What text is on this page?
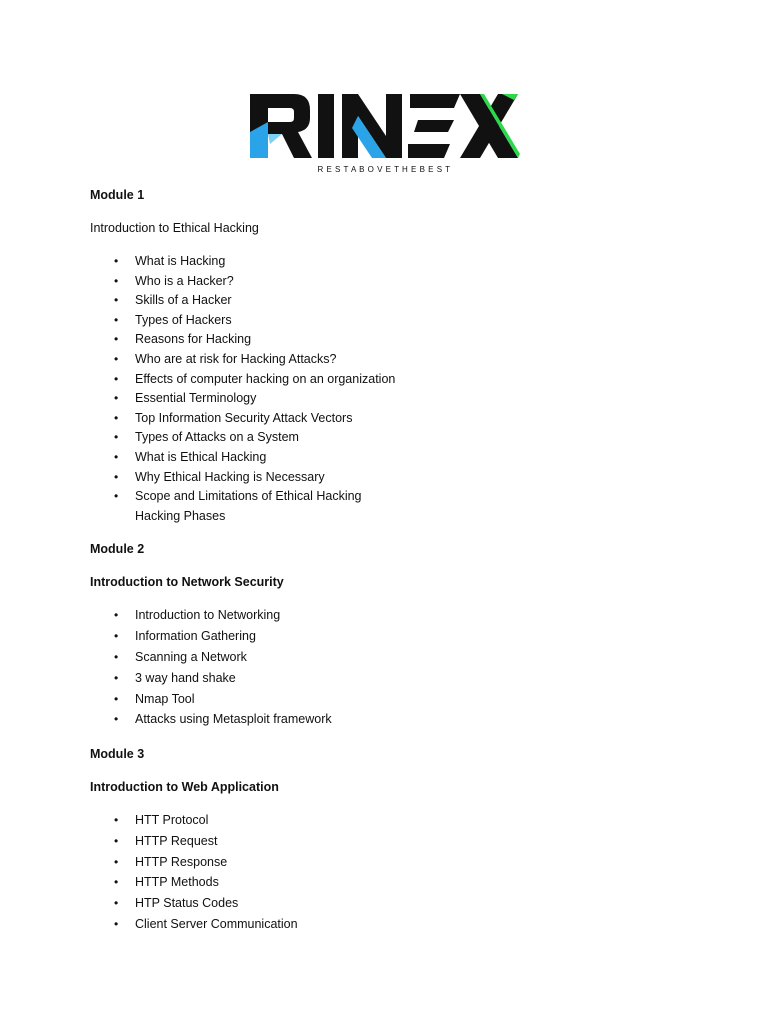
R E S T A B O V E T H E B E S T

Module 1

Introduction to Ethical Hacking

• What is Hacking
• Who is a Hacker?
• Skills of a Hacker
• Types of Hackers
• Reasons for Hacking
• Who are at risk for Hacking Attacks?
• Effects of computer hacking on an organization
• Essential Terminology
• Top Information Security Attack Vectors
• Types of Attacks on a System
• What is Ethical Hacking
• Why Ethical Hacking is Necessary
• Scope and Limitations of Ethical Hacking
Hacking Phases

Module 2

Introduction to Network Security

• Introduction to Networking
• Information Gathering
• Scanning a Network
• 3 way hand shake
• Nmap Tool
• Attacks using Metasploit framework

Module 3

Introduction to Web Application

• HTT Protocol
• HTTP Request
• HTTP Response
• HTTP Methods
• HTP Status Codes
• Client Server Communication
